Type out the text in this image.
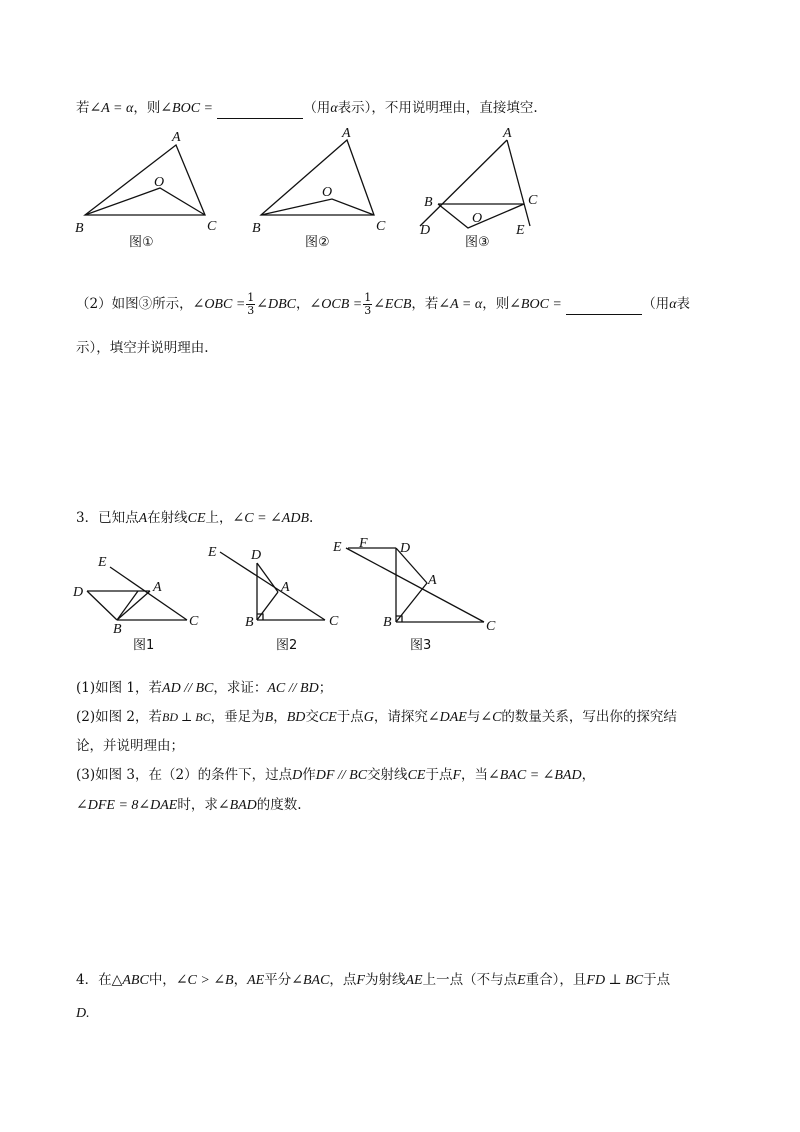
若∠A = α，则∠BOC =	（用α表示），不用说明理由，直接填空.
A
O
B	C
图①
A
O
B	C
图②
A
B	C
O
D	E
图③
（2）如图③所示，∠OBC = $\frac{1}{3}$ ∠DBC，∠OCB = $\frac{1}{3}$ ∠ECB，若∠A = α，则∠BOC =	（用α表
示），填空并说明理由.
3．已知点A在射线CE上，∠C = ∠ADB.
E
D	A
B
C
图1
E D
A
B	C
图2
E F D
A
B	C
图3
(1)如图 1，若AD // BC，求证：AC // BD；
(2)如图 2，若BD ⊥ BC，垂足为B，BD交CE于点G，请探究∠DAE与∠C的数量关系，写出你的探究结
论，并说明理由；
(3)如图 3，在（2）的条件下，过点D作DF // BC交射线CE于点F，当∠BAC = ∠BAD，
∠DFE = 8∠DAE时，求∠BAD的度数.
4．在△ABC中，∠C > ∠B，AE平分∠BAC，点F为射线AE上一点（不与点E重合），且FD ⊥ BC于点
D.
